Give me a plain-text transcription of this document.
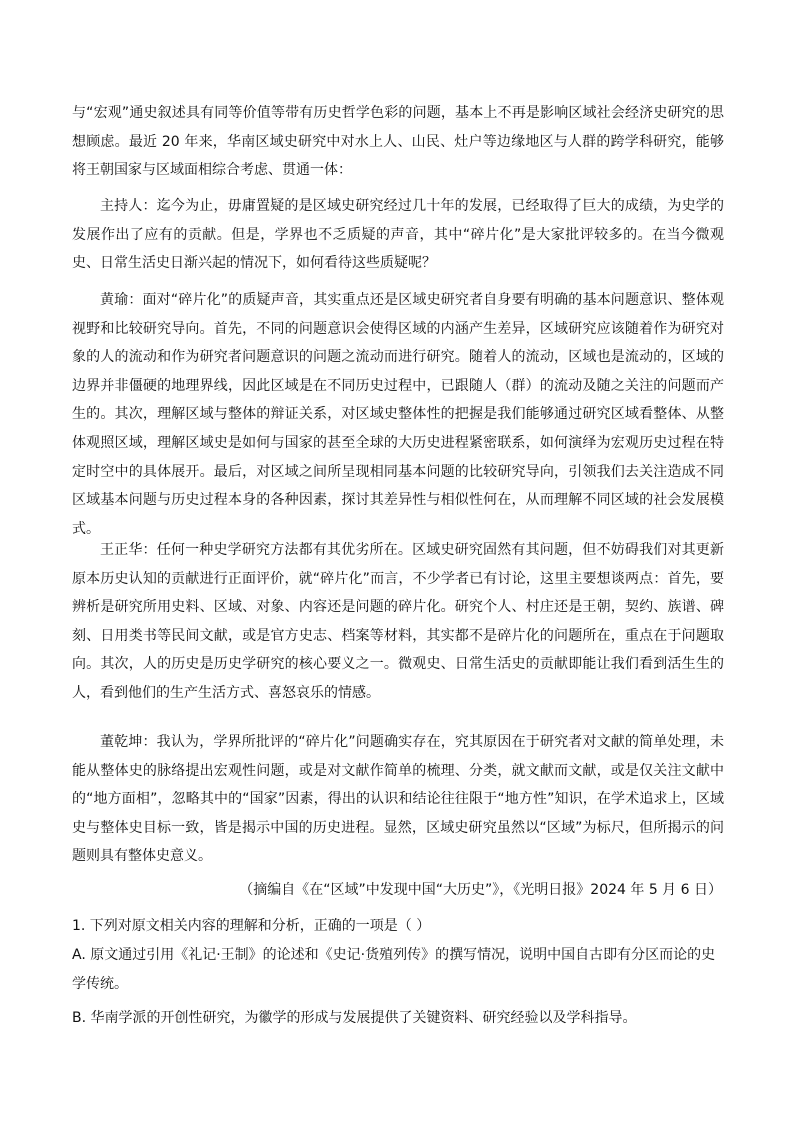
与“宏观”通史叙述具有同等价值等带有历史哲学色彩的问题，基本上不再是影响区域社会经济史研究的思想顾虑。最近 20 年来，华南区域史研究中对水上人、山民、灶户等边缘地区与人群的跨学科研究，能够将王朝国家与区域面相综合考虑、贯通一体：

主持人：迄今为止，毋庸置疑的是区域史研究经过几十年的发展，已经取得了巨大的成绩，为史学的发展作出了应有的贡献。但是，学界也不乏质疑的声音，其中“碎片化”是大家批评较多的。在当今微观史、日常生活史日渐兴起的情况下，如何看待这些质疑呢？

黄瑜：面对“碎片化”的质疑声音，其实重点还是区域史研究者自身要有明确的基本问题意识、整体观视野和比较研究导向。首先，不同的问题意识会使得区域的内涵产生差异，区域研究应该随着作为研究对象的人的流动和作为研究者问题意识的问题之流动而进行研究。随着人的流动，区域也是流动的，区域的边界并非僵硬的地理界线，因此区域是在不同历史过程中，已跟随人（群）的流动及随之关注的问题而产生的。其次，理解区域与整体的辩证关系，对区域史整体性的把握是我们能够通过研究区域看整体、从整体观照区域，理解区域史是如何与国家的甚至全球的大历史进程紧密联系，如何演绎为宏观历史过程在特定时空中的具体展开。最后，对区域之间所呈现相同基本问题的比较研究导向，引领我们去关注造成不同区域基本问题与历史过程本身的各种因素，探讨其差异性与相似性何在，从而理解不同区域的社会发展模式。

王正华：任何一种史学研究方法都有其优劣所在。区域史研究固然有其问题，但不妨碍我们对其更新原本历史认知的贡献进行正面评价，就“碎片化”而言，不少学者已有讨论，这里主要想谈两点：首先，要辨析是研究所用史料、区域、对象、内容还是问题的碎片化。研究个人、村庄还是王朝，契约、族谱、碑刻、日用类书等民间文献，或是官方史志、档案等材料，其实都不是碎片化的问题所在，重点在于问题取向。其次，人的历史是历史学研究的核心要义之一。微观史、日常生活史的贡献即能让我们看到活生生的人，看到他们的生产生活方式、喜怒哀乐的情感。

董乾坤：我认为，学界所批评的“碎片化”问题确实存在，究其原因在于研究者对文献的简单处理，未能从整体史的脉络提出宏观性问题，或是对文献作简单的梳理、分类，就文献而文献，或是仅关注文献中的“地方面相”，忽略其中的“国家”因素，得出的认识和结论往往限于“地方性”知识，在学术追求上，区域史与整体史目标一致，皆是揭示中国的历史进程。显然，区域史研究虽然以“区域”为标尺，但所揭示的问题则具有整体史意义。

（摘编自《在“区域”中发现中国“大历史”》，《光明日报》2024 年 5 月 6 日）

1. 下列对原文相关内容的理解和分析，正确的一项是（ ）

A. 原文通过引用《礼记·王制》的论述和《史记·货殖列传》的撰写情况，说明中国自古即有分区而论的史学传统。

B. 华南学派的开创性研究，为徽学的形成与发展提供了关键资料、研究经验以及学科指导。
